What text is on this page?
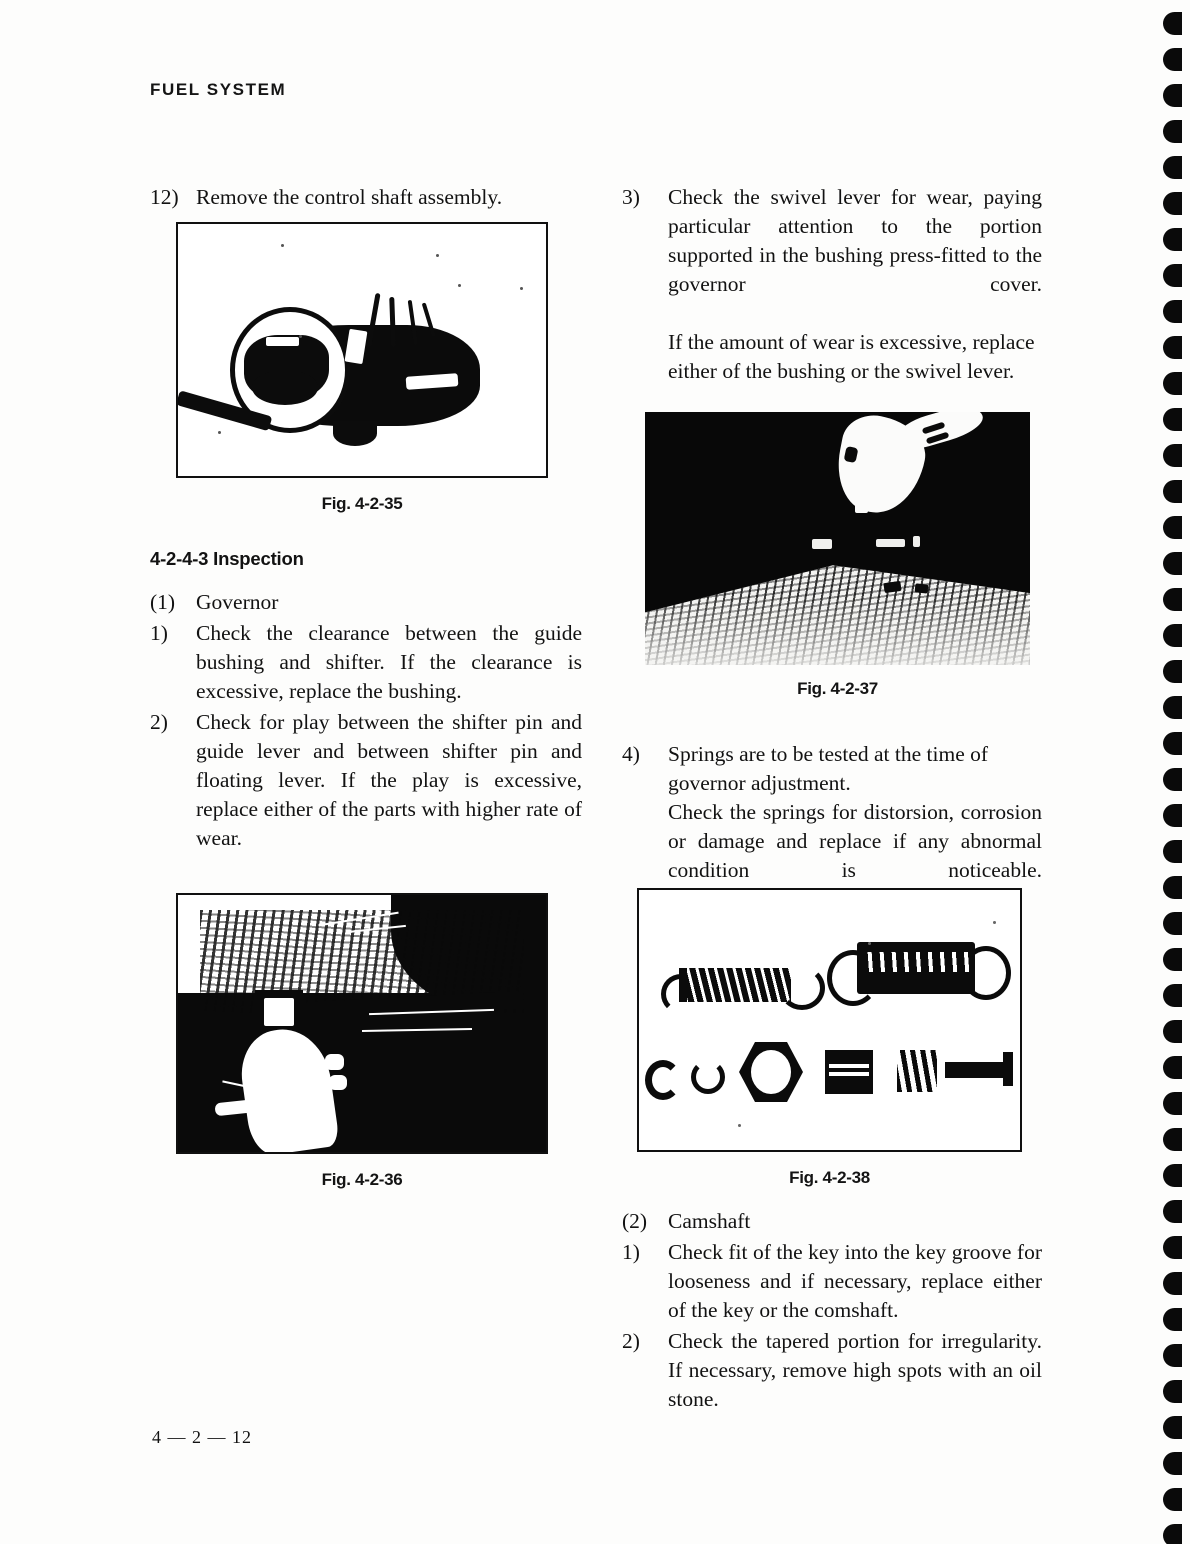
FUEL SYSTEM
12) Remove the control shaft assembly.
Fig. 4-2-35
4-2-4-3 Inspection
(1) Governor
1)	Check the clearance between the guide bushing and shifter. If the clearance is excessive, replace the bushing.
2)	Check for play between the shifter pin and guide lever and between shifter pin and floating lever. If the play is excessive, replace either of the parts with higher rate of wear.
Fig. 4-2-36
3)	Check the swivel lever for wear, paying particular attention to the portion supported in the bushing press-fitted to the governor cover.

If the amount of wear is excessive, replace either of the bushing or the swivel lever.

Fig. 4-2-37
4)	Springs are to be tested at the time of governor adjustment.

Check the springs for distorsion, corrosion or damage and replace if any abnormal condition is noticeable.

Fig. 4-2-38
(2) Camshaft
1)	Check fit of the key into the key groove for looseness and if necessary, replace either of the key or the comshaft.
2)	Check the tapered portion for irregularity. If necessary, remove high spots with an oil stone.
4 — 2 — 12
